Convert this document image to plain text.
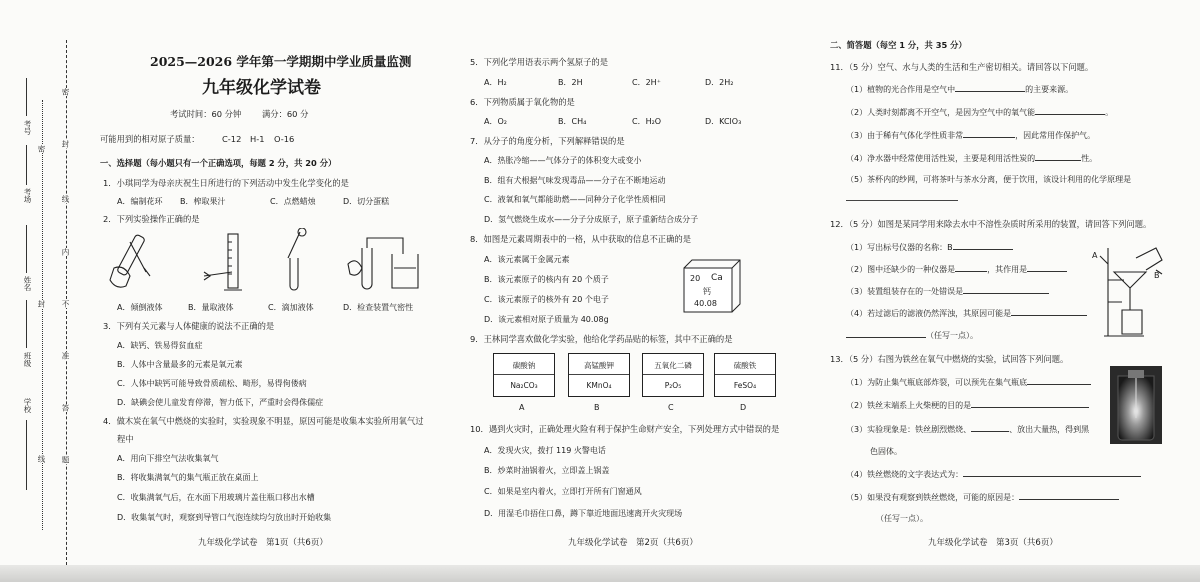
密
封
线
内
不
准
答
题
密
封
线
考号
考场
姓名
班级
学校
2025—2026 学年第一学期期中学业质量监测
九年级化学试卷
考试时间：60 分钟 满分：60 分
可能用到的相对原子质量：	C-12 H-1 O-16
一、选择题（每小题只有一个正确选项，每题 2 分，共 20 分）
1．小琪同学为母亲庆祝生日所进行的下列活动中发生化学变化的是
A．编制花环 B．榨取果汁	C．点燃蜡烛	D．切分蛋糕
2．下列实验操作正确的是
A．倾倒液体	B．量取液体	C．滴加液体	D．检查装置气密性
3．下列有关元素与人体健康的说法不正确的是
A．缺钙、铁易得贫血症
B．人体中含量最多的元素是氧元素
C．人体中缺钙可能导致骨质疏松、畸形，易得佝偻病
D．缺碘会使儿童发育停滞，智力低下，严重时会得侏儒症
4．做木炭在氧气中燃烧的实验时，实验现象不明显，原因可能是收集本实验所用氧气过
程中
A．用向下排空气法收集氧气
B．将收集满氧气的集气瓶正放在桌面上
C．收集满氧气后，在水面下用玻璃片盖住瓶口移出水槽
D．收集氧气时，观察到导管口气泡连续均匀放出时开始收集
九年级化学试卷　第1页（共6页）
5．下列化学用语表示两个氢原子的是
A．H₂	B．2H	C．2H⁺	D．2H₂
6．下列物质属于氧化物的是
A．O₂	B．CH₄	C．H₂O	D．KClO₃
7．从分子的角度分析，下列解释错误的是
A．热胀冷缩——气体分子的体积变大或变小
B．组有犬根据气味发现毒品——分子在不断地运动
C．液氧和氧气都能助燃——同种分子化学性质相同
D．氢气燃烧生成水——分子分成原子，原子重新结合成分子
8．如图是元素周期表中的一格，从中获取的信息不正确的是
A．该元素属于金属元素
B．该元素原子的核内有 20 个质子
C．该元素原子的核外有 20 个电子
D．该元素相对原子质量为 40.08g
20 Ca
钙
40.08
9．王林同学喜欢做化学实验，他给化学药品贴的标签，其中不正确的是
碳酸钠
Na₂CO₃
高锰酸钾
KMnO₄
五氧化二磷
P₂O₅
硫酸铁
FeSO₄
A	B	C	D
10．遇到火灾时，正确处理火险有利于保护生命财产安全，下列处理方式中错误的是
A．发现火灾，拨打 119 火警电话
B．炒菜时油锅着火，立即盖上锅盖
C．如果是室内着火，立即打开所有门窗通风
D．用湿毛巾捂住口鼻，蹲下靠近地面迅速离开火灾现场
九年级化学试卷　第2页（共6页）
二、简答题（每空 1 分，共 35 分）
11．（5 分）空气、水与人类的生活和生产密切相关。请回答以下问题。
（1）植物的光合作用是空气中	的主要来源。
（2）人类时刻都离不开空气，是因为空气中的氧气能	。
（3）由于稀有气体化学性质非常	，因此常用作保护气。
（4）净水器中经常使用活性炭，主要是利用活性炭的	性。
（5）茶杯内的纱网，可将茶叶与茶水分离，便于饮用，该设计利用的化学原理是
12．（5 分）如图是某同学用来除去水中不溶性杂质时所采用的装置，请回答下列问题。
（1）写出标号仪器的名称：B
（2）图中还缺少的一种仪器是	，其作用是
（3）装置组装存在的一处错误是
（4）若过滤后的滤液仍然浑浊，其原因可能是
（任写一点）。
A
B
13．（5 分）右图为铁丝在氧气中燃烧的实验，试回答下列问题。
（1）为防止集气瓶底部炸裂，可以预先在集气瓶底
（2）铁丝末端系上火柴梗的目的是
（3）实验现象是：铁丝剧烈燃烧、	、放出大量热，得到黑
色固体。
（4）铁丝燃烧的文字表达式为：
（5）如果没有观察到铁丝燃烧，可能的原因是：
（任写一点）。
九年级化学试卷　第3页（共6页）
